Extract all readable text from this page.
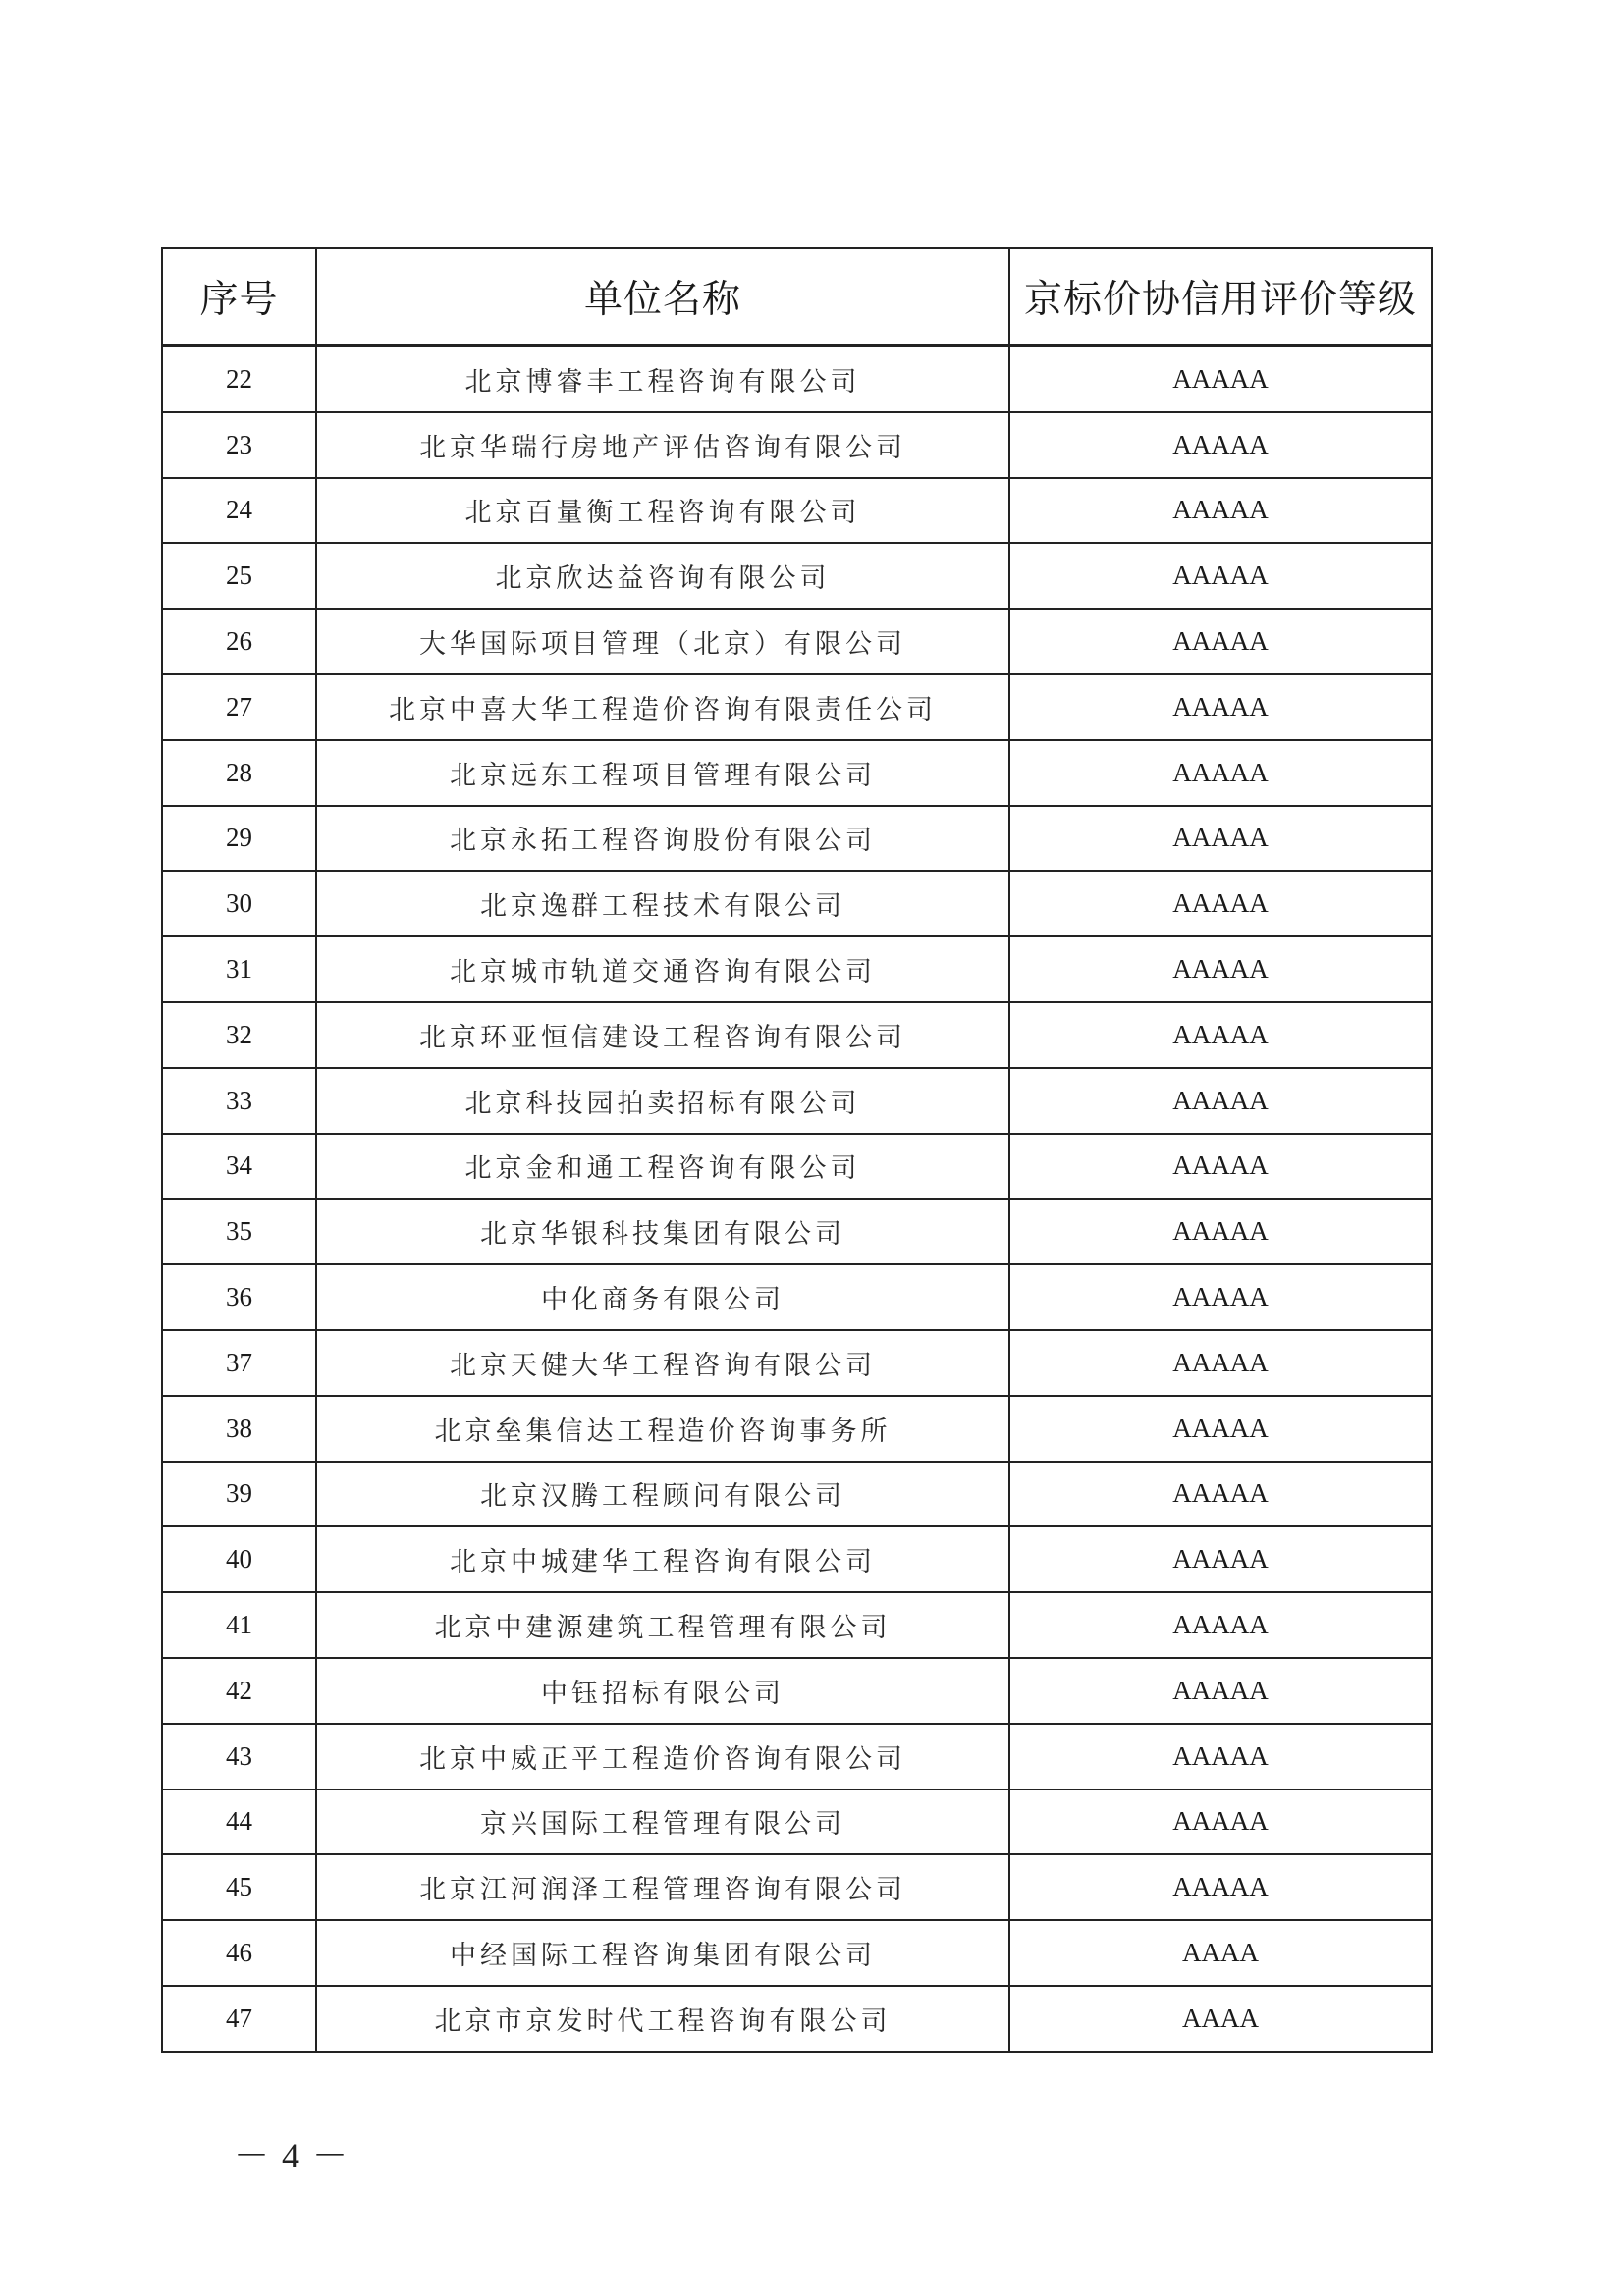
序号	单位名称	京标价协信用评价等级
22	北京博睿丰工程咨询有限公司	AAAAA
23	北京华瑞行房地产评估咨询有限公司	AAAAA
24	北京百量衡工程咨询有限公司	AAAAA
25	北京欣达益咨询有限公司	AAAAA
26	大华国际项目管理（北京）有限公司	AAAAA
27	北京中喜大华工程造价咨询有限责任公司	AAAAA
28	北京远东工程项目管理有限公司	AAAAA
29	北京永拓工程咨询股份有限公司	AAAAA
30	北京逸群工程技术有限公司	AAAAA
31	北京城市轨道交通咨询有限公司	AAAAA
32	北京环亚恒信建设工程咨询有限公司	AAAAA
33	北京科技园拍卖招标有限公司	AAAAA
34	北京金和通工程咨询有限公司	AAAAA
35	北京华银科技集团有限公司	AAAAA
36	中化商务有限公司	AAAAA
37	北京天健大华工程咨询有限公司	AAAAA
38	北京垒集信达工程造价咨询事务所	AAAAA
39	北京汉腾工程顾问有限公司	AAAAA
40	北京中城建华工程咨询有限公司	AAAAA
41	北京中建源建筑工程管理有限公司	AAAAA
42	中钰招标有限公司	AAAAA
43	北京中威正平工程造价咨询有限公司	AAAAA
44	京兴国际工程管理有限公司	AAAAA
45	北京江河润泽工程管理咨询有限公司	AAAAA
46	中经国际工程咨询集团有限公司	AAAA
47	北京市京发时代工程咨询有限公司	AAAA
－ 4 －
